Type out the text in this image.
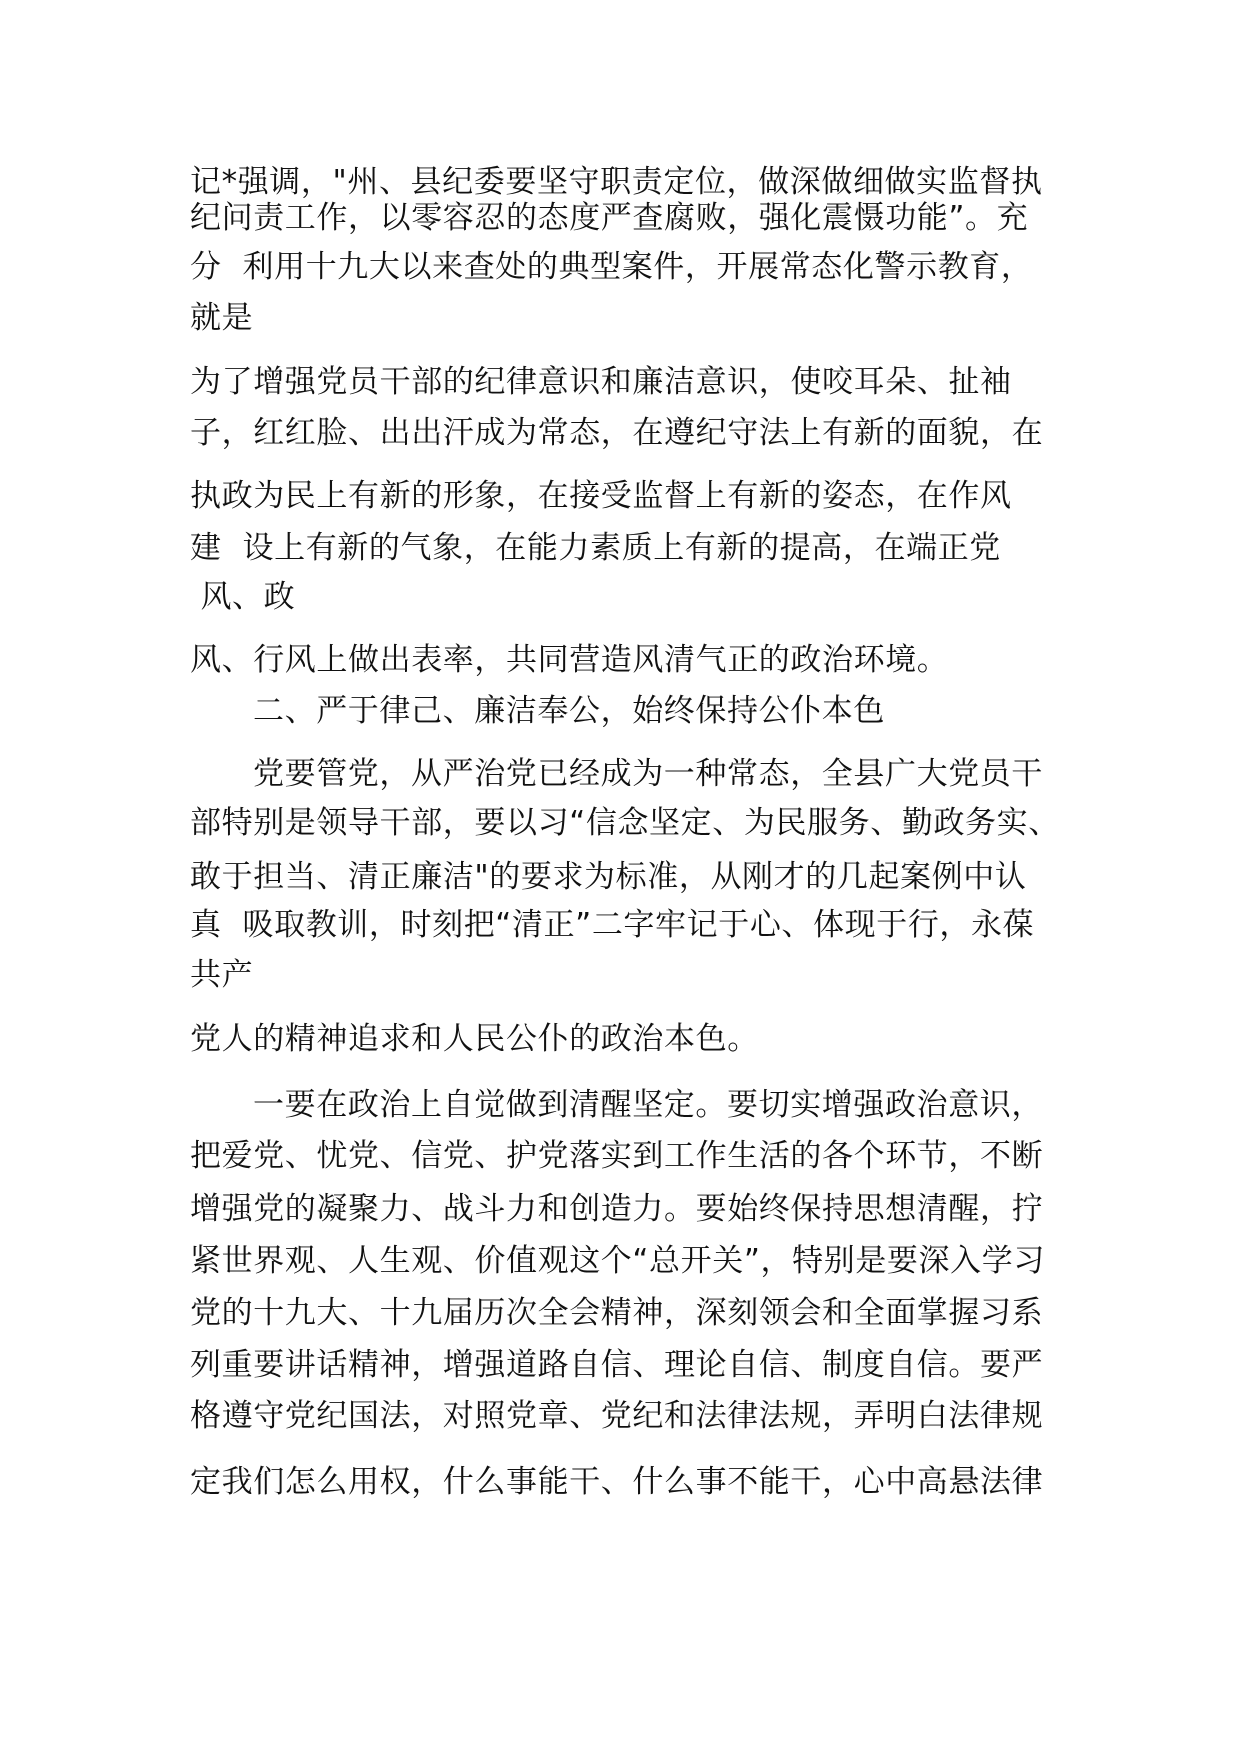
记*强调，"州、县纪委要坚守职责定位，做深做细做实监督执

纪问责工作，以零容忍的态度严查腐败，强化震慑功能”。充

分  利用十九大以来查处的典型案件，开展常态化警示教育，

就是

为了增强党员干部的纪律意识和廉洁意识，使咬耳朵、扯袖

子，红红脸、出出汗成为常态，在遵纪守法上有新的面貌，在

执政为民上有新的形象，在接受监督上有新的姿态，在作风

建  设上有新的气象，在能力素质上有新的提高，在端正党

风、政

风、行风上做出表率，共同营造风清气正的政治环境。

二、严于律己、廉洁奉公，始终保持公仆本色

党要管党，从严治党已经成为一种常态，全县广大党员干

部特别是领导干部，要以习“信念坚定、为民服务、勤政务实、

敢于担当、清正廉洁"的要求为标准，从刚才的几起案例中认

真  吸取教训，时刻把“清正”二字牢记于心、体现于行，永葆

共产

党人的精神追求和人民公仆的政治本色。

一要在政治上自觉做到清醒坚定。要切实增强政治意识，

把爱党、忧党、信党、护党落实到工作生活的各个环节，不断

增强党的凝聚力、战斗力和创造力。要始终保持思想清醒，拧

紧世界观、人生观、价值观这个“总开关”，特别是要深入学习

党的十九大、十九届历次全会精神，深刻领会和全面掌握习系

列重要讲话精神，增强道路自信、理论自信、制度自信。要严

格遵守党纪国法，对照党章、党纪和法律法规，弄明白法律规

定我们怎么用权，什么事能干、什么事不能干，心中高悬法律
